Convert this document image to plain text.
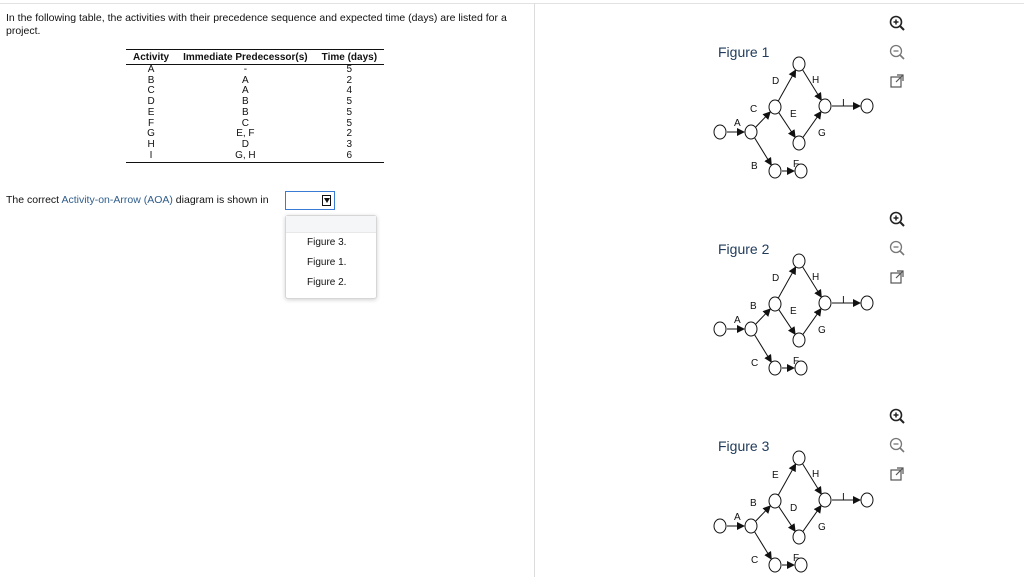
In the following table, the activities with their precedence sequence and expected time (days) are listed for a project.
Activity	Immediate Predecessor(s)	Time (days)
A	-	5
B	A	2
C	A	4
D	B	5
E	B	5
F	C	5
G	E, F	2
H	D	3
I	G, H	6
The correct Activity-on-Arrow (AOA) diagram is shown in
Figure 3.
Figure 1.
Figure 2.
Figure 1
A
C
B
D
E
F
G
H
I
Figure 2
A
B
C
D
E
F
G
H
I
Figure 3
A
B
C
E
D
F
G
H
I
